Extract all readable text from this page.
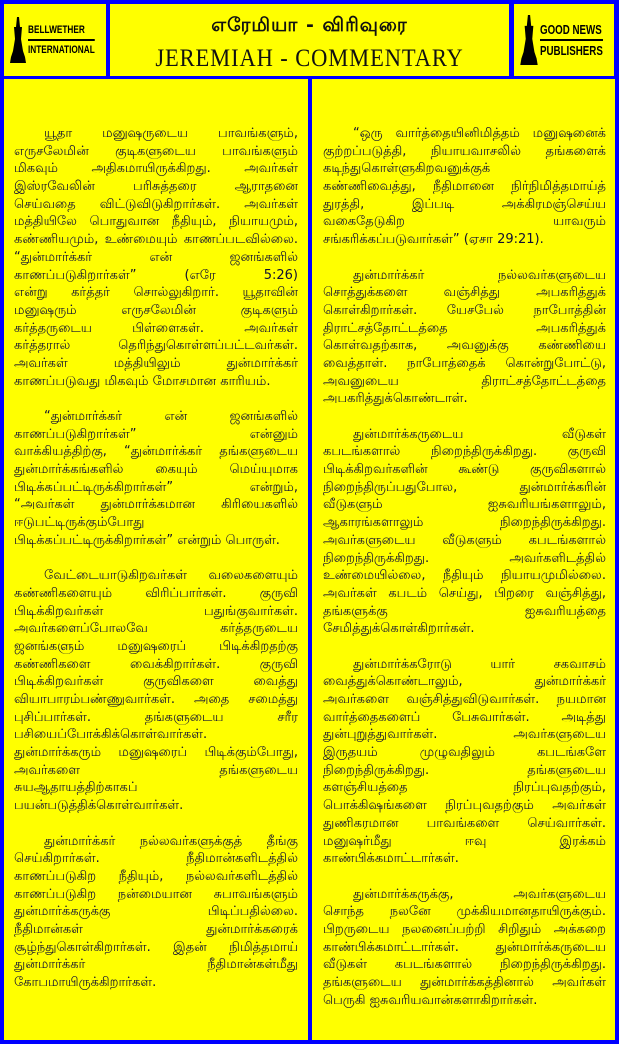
BELLWETHER
INTERNATIONAL
எரேமியா - விரிவுரை
JEREMIAH - COMMENTARY
GOOD NEWS
PUBLISHERS
யூதா மனுஷருடைய பாவங்களும்,
எருசலேமின் குடிகளுடைய பாவங்களும்
மிகவும் அதிகமாயிருக்கிறது. அவர்கள்
இஸ்ரவேலின் பரிசுத்தரை ஆராதனை
செய்வதை விட்டுவிடுகிறார்கள். அவர்கள்
மத்தியிலே பொதுவான நீதியும், நியாயமும்,
கண்ணியமும், உண்மையும் காணப்படவில்லை.
“துன்மார்க்கர் என் ஜனங்களில்
காணப்படுகிறார்கள்” (எரே 5:26)
என்று கர்த்தர் சொல்லுகிறார். யூதாவின்
மனுஷரும் எருசலேமின் குடிகளும்
கர்த்தருடைய பிள்ளைகள். அவர்கள்
கர்த்தரால் தெரிந்துகொள்ளப்பட்டவர்கள்.
அவர்கள் மத்தியிலும் துன்மார்க்கர்
காணப்படுவது மிகவும் மோசமான காரியம்.
“துன்மார்க்கர் என் ஜனங்களில்
காணப்படுகிறார்கள்” என்னும்
வாக்கியத்திற்கு, “துன்மார்க்கர் தங்களுடைய
துன்மார்க்கங்களில் கையும் மெய்யுமாக
பிடிக்கப்பட்டிருக்கிறார்கள்” என்றும்,
“அவர்கள் துன்மார்க்கமான கிரியைகளில்
ஈடுபட்டிருக்கும்போது
பிடிக்கப்பட்டிருக்கிறார்கள்” என்றும் பொருள்.
வேட்டையாடுகிறவர்கள் வலைகளையும்
கண்ணிகளையும் விரிப்பார்கள். குருவி
பிடிக்கிறவர்கள் பதுங்குவார்கள்.
அவர்களைப்போலவே கர்த்தருடைய
ஜனங்களும் மனுஷரைப் பிடிக்கிறதற்கு
கண்ணிகளை வைக்கிறார்கள். குருவி
பிடிக்கிறவர்கள் குருவிகளை வைத்து
வியாபாரம்பண்ணுவார்கள். அதை சமைத்து
புசிப்பார்கள். தங்களுடைய சரீர
பசியைப்போக்கிக்கொள்வார்கள்.
துன்மார்க்கரும் மனுஷரைப் பிடிக்கும்போது,
அவர்களை தங்களுடைய
சுயஆதாயத்திற்காகப்
பயன்படுத்திக்கொள்வார்கள்.
துன்மார்க்கர் நல்லவர்களுக்குத் தீங்கு
செய்கிறார்கள். நீதிமான்களிடத்தில்
காணப்படுகிற நீதியும், நல்லவர்களிடத்தில்
காணப்படுகிற நன்மையான சுபாவங்களும்
துன்மார்க்கருக்கு பிடிப்பதில்லை.
நீதிமான்கள் துன்மார்க்கரைக்
சூழ்ந்துகொள்கிறார்கள். இதன் நிமித்தமாய்
துன்மார்க்கர் நீதிமான்கள்மீது
கோபமாயிருக்கிறார்கள்.
“ஒரு வார்த்தையினிமித்தம் மனுஷனைக்
குற்றப்படுத்தி, நியாயவாசலில் தங்களைக்
கடிந்துகொள்ளுகிறவனுக்குக்
கண்ணிவைத்து, நீதிமானை நிர்நிமித்தமாய்த்
துரத்தி, இப்படி அக்கிரமஞ்செய்ய
வகைதேடுகிற யாவரும்
சங்கரிக்கப்படுவார்கள்” (ஏசா 29:21).
துன்மார்க்கர் நல்லவர்களுடைய
சொத்துக்களை வஞ்சித்து அபகரித்துக்
கொள்கிறார்கள். யேசபேல் நாபோத்தின்
திராட்சத்தோட்டத்தை அபகரித்துக்
கொள்வதற்காக, அவனுக்கு கண்ணியை
வைத்தாள். நாபோத்தைக் கொன்றுபோட்டு,
அவனுடைய திராட்சத்தோட்டத்தை
அபகரித்துக்கொண்டாள்.
துன்மார்க்கருடைய வீடுகள்
கபடங்களால் நிறைந்திருக்கிறது. குருவி
பிடிக்கிறவர்களின் கூண்டு குருவிகளால்
நிறைந்திருப்பதுபோல, துன்மார்க்கரின்
வீடுகளும் ஐசுவரியங்களாலும்,
ஆகாரங்களாலும் நிறைந்திருக்கிறது.
அவர்களுடைய வீடுகளும் கபடங்களால்
நிறைந்திருக்கிறது. அவர்களிடத்தில்
உண்மையில்லை, நீதியும் நியாயமுமில்லை.
அவர்கள் கபடம் செய்து, பிறரை வஞ்சித்து,
தங்களுக்கு ஐசுவரியத்தை
சேமித்துக்கொள்கிறார்கள்.
துன்மார்க்கரோடு யார் சகவாசம்
வைத்துக்கொண்டாலும், துன்மார்க்கர்
அவர்களை வஞ்சித்துவிடுவார்கள். நயமான
வார்த்தைகளைப் பேசுவார்கள். அடித்து
துன்புறுத்துவார்கள். அவர்களுடைய
இருதயம் முழுவதிலும் கபடங்களே
நிறைந்திருக்கிறது. தங்களுடைய
களஞ்சியத்தை நிரப்புவதற்கும்,
பொக்கிஷங்களை நிரப்புவதற்கும் அவர்கள்
துணிகரமான பாவங்களை செய்வார்கள்.
மனுஷர்மீது ஈவு இரக்கம்
காண்பிக்கமாட்டார்கள்.
துன்மார்க்கருக்கு, அவர்களுடைய
சொந்த நலனே முக்கியமானதாயிருக்கும்.
பிறருடைய நலனைப்பற்றி சிறிதும் அக்கறை
காண்பிக்கமாட்டார்கள். துன்மார்க்கருடைய
வீடுகள் கபடங்களால் நிறைந்திருக்கிறது.
தங்களுடைய துன்மார்க்கத்தினால் அவர்கள்
பெருகி ஐசுவரியவான்களாகிறார்கள்.
